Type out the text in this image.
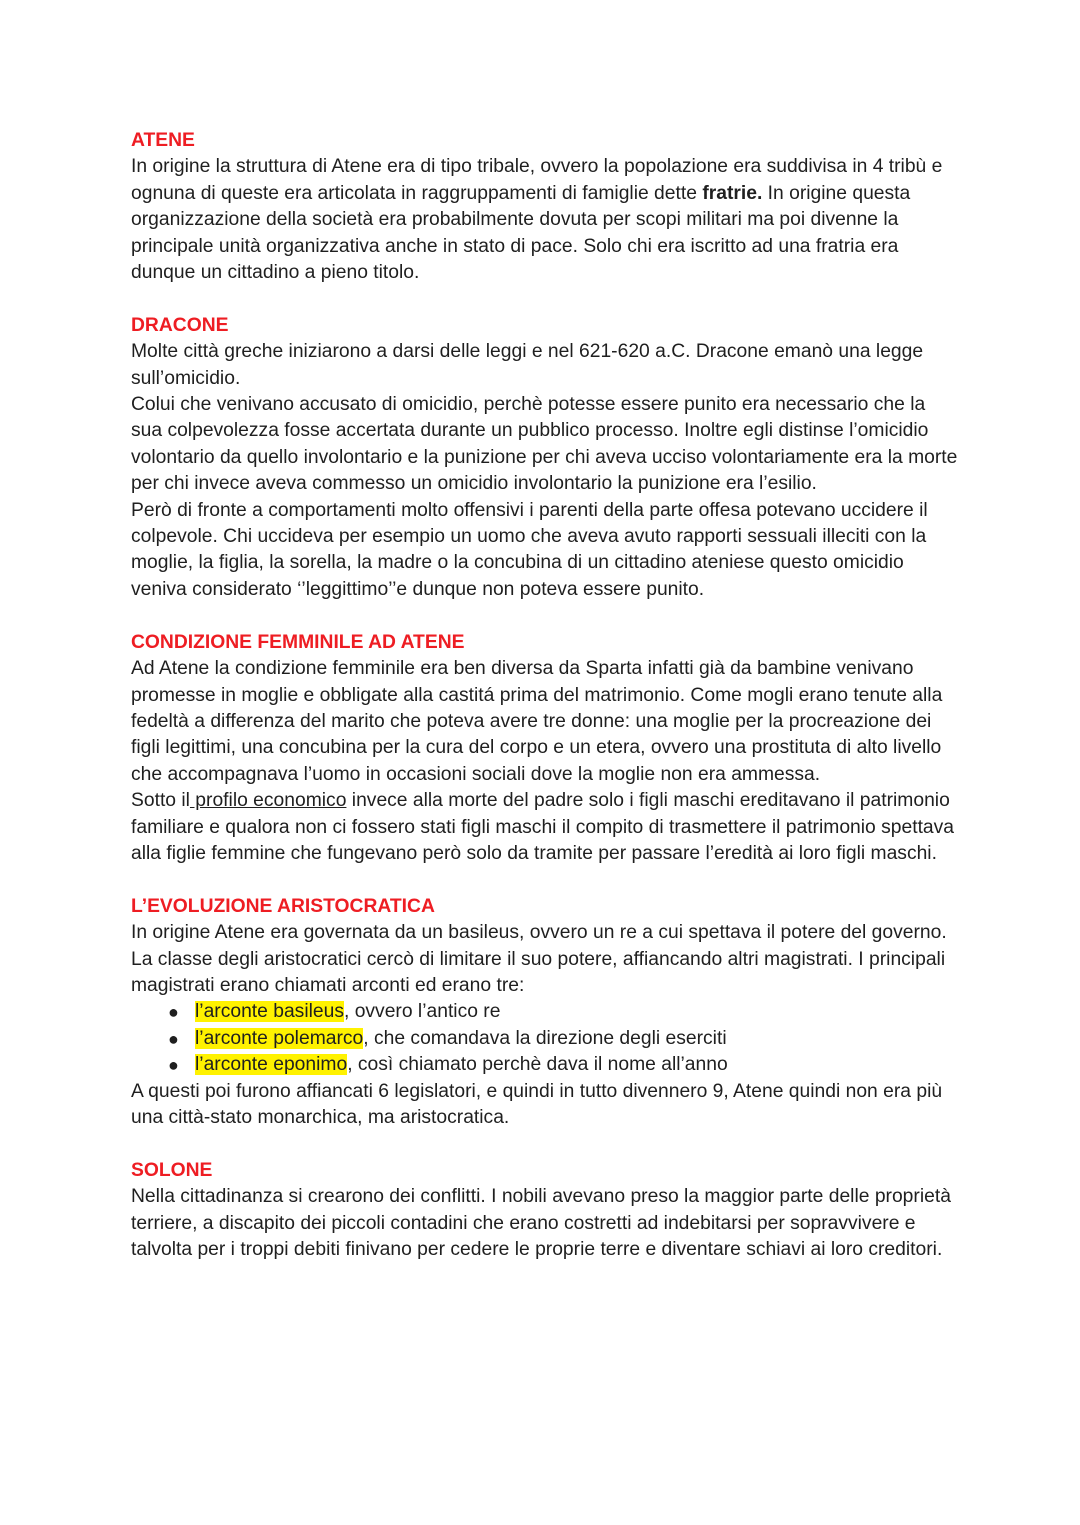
ATENE

In origine la struttura di Atene era di tipo tribale, ovvero la popolazione era suddivisa in 4 tribù e ognuna di queste era articolata in raggruppamenti di famiglie dette fratrie. In origine questa organizzazione della società era probabilmente dovuta per scopi militari ma poi divenne la principale unità organizzativa anche in stato di pace. Solo chi era iscritto ad una fratria era dunque un cittadino a pieno titolo.

DRACONE

Molte città greche iniziarono a darsi delle leggi e nel 621-620 a.C. Dracone emanò una legge sull’omicidio.

Colui che venivano accusato di omicidio, perchè potesse essere punito era necessario che la sua colpevolezza fosse accertata durante un pubblico processo. Inoltre egli distinse l’omicidio volontario da quello involontario e la punizione per chi aveva ucciso volontariamente era la morte per chi invece aveva commesso un omicidio involontario la punizione era l’esilio.

Però di fronte a comportamenti molto offensivi i parenti della parte offesa potevano uccidere il colpevole. Chi uccideva per esempio un uomo che aveva avuto rapporti sessuali illeciti con la moglie, la figlia, la sorella, la madre o la concubina di un cittadino ateniese questo omicidio veniva considerato ‘’leggittimo’’e dunque non poteva essere punito.

CONDIZIONE FEMMINILE AD ATENE

Ad Atene la condizione femminile era ben diversa da Sparta infatti già da bambine venivano promesse in moglie e obbligate alla castitá prima del matrimonio. Come mogli erano tenute alla fedeltà a differenza del marito che poteva avere tre donne: una moglie per la procreazione dei figli legittimi, una concubina per la cura del corpo e un etera, ovvero una prostituta di alto livello che accompagnava l’uomo in occasioni sociali dove la moglie non era ammessa.

Sotto il profilo economico invece alla morte del padre solo i figli maschi ereditavano il patrimonio familiare e qualora non ci fossero stati figli maschi il compito di trasmettere il patrimonio spettava alla figlie femmine che fungevano però solo da tramite per passare l’eredità ai loro figli maschi.

L’EVOLUZIONE ARISTOCRATICA

In origine Atene era governata da un basileus, ovvero un re a cui spettava il potere del governo. La classe degli aristocratici cercò di limitare il suo potere, affiancando altri magistrati. I principali magistrati erano chiamati arconti ed erano tre:

● l’arconte basileus, ovvero l’antico re
● l’arconte polemarco, che comandava la direzione degli eserciti
● l’arconte eponimo, così chiamato perchè dava il nome all’anno

A questi poi furono affiancati 6 legislatori, e quindi in tutto divennero 9, Atene quindi non era più una città-stato monarchica, ma aristocratica.

SOLONE

Nella cittadinanza si crearono dei conflitti. I nobili avevano preso la maggior parte delle proprietà terriere, a discapito dei piccoli contadini che erano costretti ad indebitarsi per sopravvivere e talvolta per i troppi debiti finivano per cedere le proprie terre e diventare schiavi ai loro creditori.
